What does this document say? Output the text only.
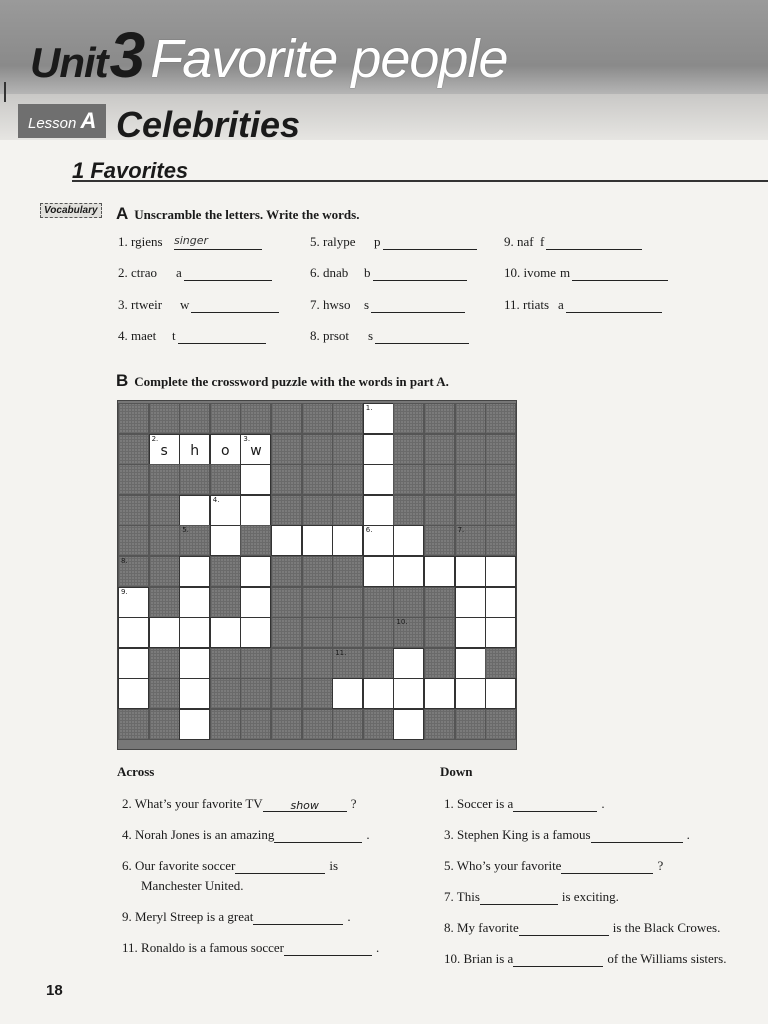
Unit3 Favorite people
Lesson A Celebrities
1 Favorites
Vocabulary A Unscramble the letters. Write the words.

1. rgiens singer
2. ctrao a
3. rtweir w
4. maet t
5. ralype p
6. dnab b
7. hwso s
8. prsot s
9. naf f
10. ivome m
11. rtiats a

B Complete the crossword puzzle with the words in part A.

1.
2.
s	h	o
3.
w
4.
5.	6.	7.
8.
9.
10.
11.

Across	Down

2. What’s your favorite TV	show ?
4. Norah Jones is an amazing	.
6. Our favorite soccer	is
9. Meryl Streep is a great	.
11. Ronaldo is a famous soccer	.
1. Soccer is a	.
3. Stephen King is a famous	.
5. Who’s your favorite	?
7. This	is exciting.
8. My favorite	is the Black Crowes.
10. Brian is a	of the Williams sisters.
Manchester United.
18
